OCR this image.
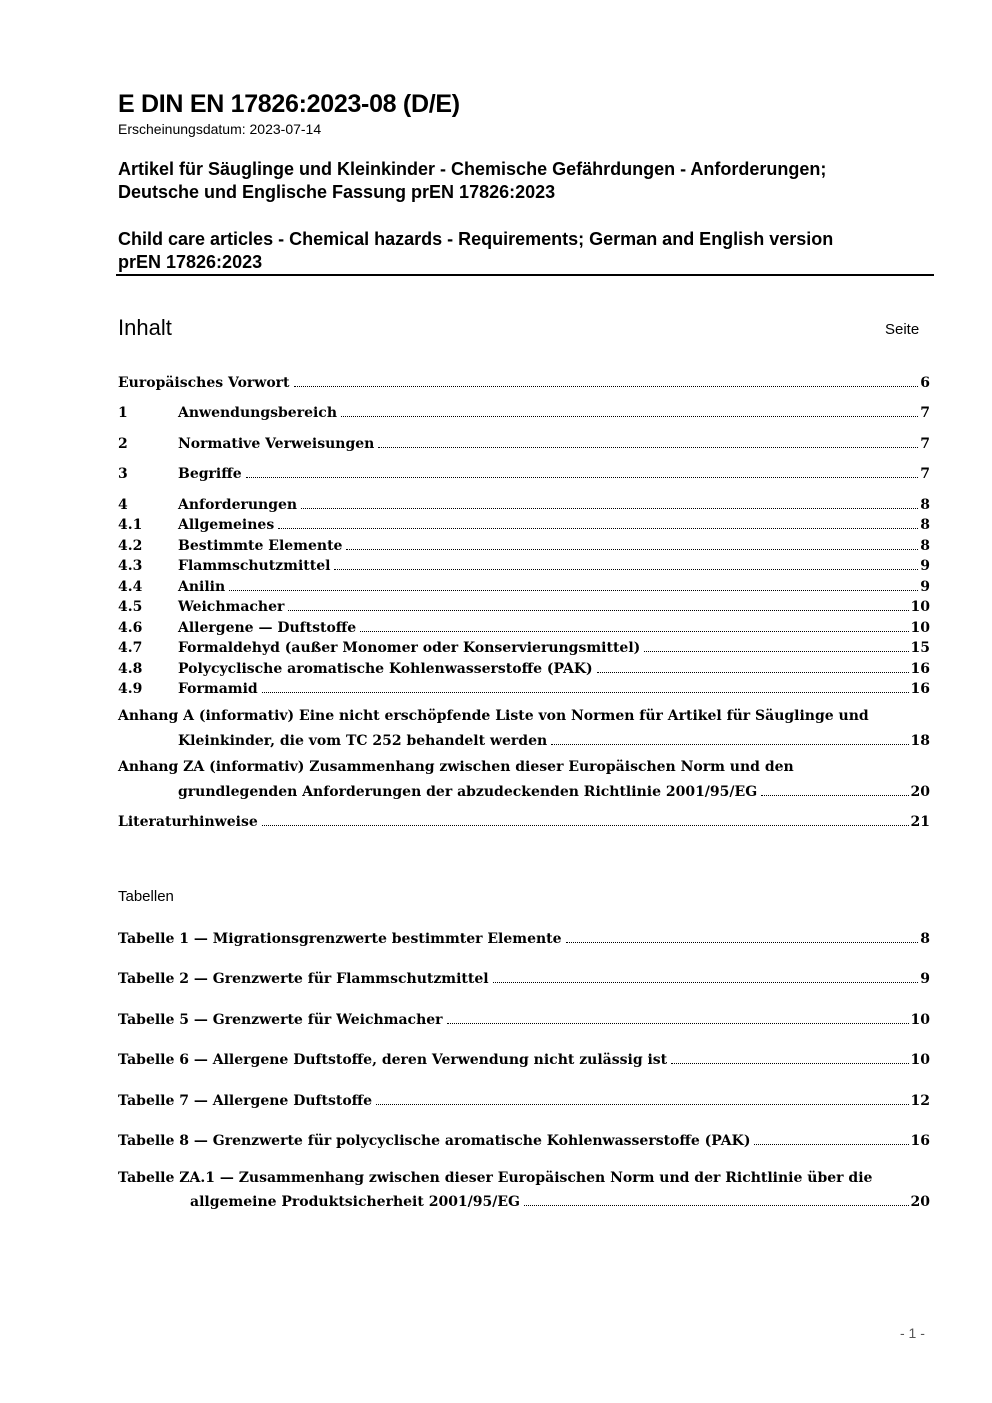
E DIN EN 17826:2023-08 (D/E)
Erscheinungsdatum: 2023-07-14
Artikel für Säuglinge und Kleinkinder - Chemische Gefährdungen - Anforderungen;
Deutsche und Englische Fassung prEN 17826:2023
Child care articles - Chemical hazards - Requirements; German and English version
prEN 17826:2023
Inhalt	Seite
Europäisches Vorwort	6
1	Anwendungsbereich	7
2	Normative Verweisungen	7
3	Begriffe	7
4	Anforderungen	8
4.1	Allgemeines	8
4.2	Bestimmte Elemente	8
4.3	Flammschutzmittel	9
4.4	Anilin	9
4.5	Weichmacher	10
4.6	Allergene — Duftstoffe	10
4.7	Formaldehyd (außer Monomer oder Konservierungsmittel)	15
4.8	Polycyclische aromatische Kohlenwasserstoffe (PAK)	16
4.9	Formamid	16
Anhang A (informativ) Eine nicht erschöpfende Liste von Normen für Artikel für Säuglinge und
Kleinkinder, die vom TC 252 behandelt werden	18
Anhang ZA (informativ) Zusammenhang zwischen dieser Europäischen Norm und den
grundlegenden Anforderungen der abzudeckenden Richtlinie 2001/95/EG	20
Literaturhinweise	21
Tabellen
Tabelle 1 — Migrationsgrenzwerte bestimmter Elemente	8
Tabelle 2 — Grenzwerte für Flammschutzmittel	9
Tabelle 5 — Grenzwerte für Weichmacher	10
Tabelle 6 — Allergene Duftstoffe, deren Verwendung nicht zulässig ist	10
Tabelle 7 — Allergene Duftstoffe	12
Tabelle 8 — Grenzwerte für polycyclische aromatische Kohlenwasserstoffe (PAK)	16
Tabelle ZA.1 — Zusammenhang zwischen dieser Europäischen Norm und der Richtlinie über die
allgemeine Produktsicherheit 2001/95/EG	20
- 1 -
